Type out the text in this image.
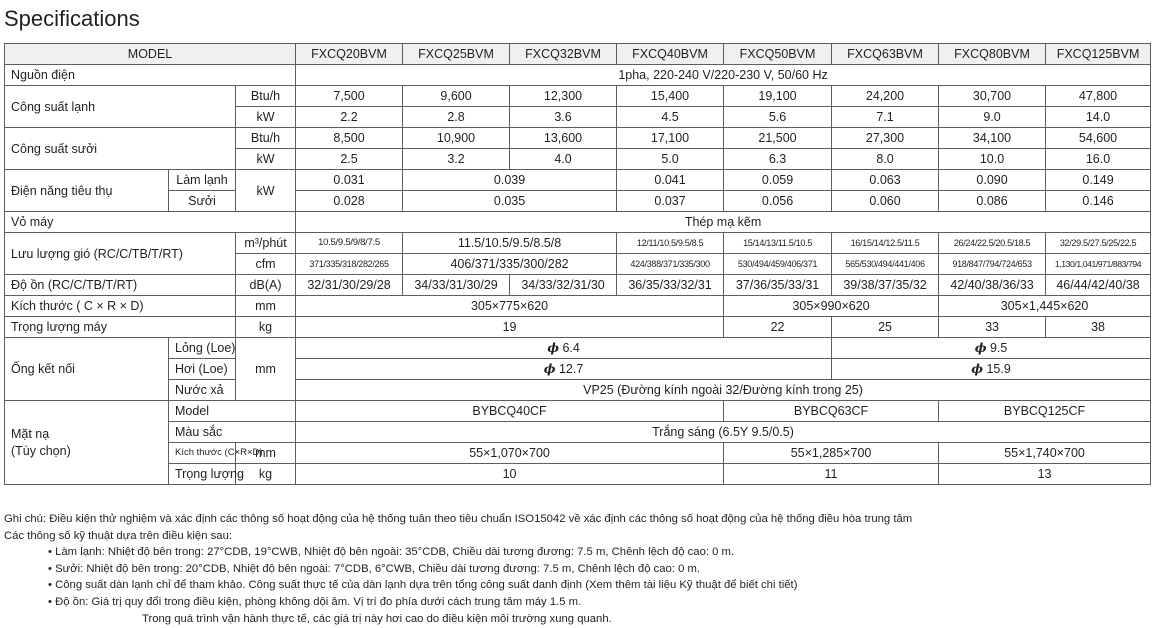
Specifications
MODEL			FXCQ20BVM	FXCQ25BVM	FXCQ32BVM	FXCQ40BVM	FXCQ50BVM	FXCQ63BVM	FXCQ80BVM	FXCQ125BVM
Nguồn điện			1pha, 220-240 V/220-230 V, 50/60 Hz							
Công suất lạnh		Btu/h	7,500	9,600	12,300	15,400	19,100	24,200	30,700	47,800
		kW	2.2	2.8	3.6	4.5	5.6	7.1	9.0	14.0
Công suất sưởi		Btu/h	8,500	10,900	13,600	17,100	21,500	27,300	34,100	54,600
		kW	2.5	3.2	4.0	5.0	6.3	8.0	10.0	16.0
Điện năng tiêu thụ	Làm lạnh	kW	0.031	0.039		0.041	0.059	0.063	0.090	0.149
	Sưởi		0.028	0.035		0.037	0.056	0.060	0.086	0.146
Vỏ máy			Thép mạ kẽm							
Lưu lượng gió (RC/C/TB/T/RT)		m³/phút	10.5/9.5/9/8/7.5	11.5/10.5/9.5/8.5/8		12/11/10.5/9.5/8.5	15/14/13/11.5/10.5	16/15/14/12.5/11.5	26/24/22.5/20.5/18.5	32/29.5/27.5/25/22.5
		cfm	371/335/318/282/265	406/371/335/300/282		424/388/371/335/300	530/494/459/406/371	565/530/494/441/406	918/847/794/724/653	1,130/1,041/971/883/794
Độ ồn (RC/C/TB/T/RT)		dB(A)	32/31/30/29/28	34/33/31/30/29	34/33/32/31/30	36/35/33/32/31	37/36/35/33/31	39/38/37/35/32	42/40/38/36/33	46/44/42/40/38
Kích thước ( C × R × D)		mm	305×775×620				305×990×620		305×1,445×620	
Trọng lượng máy		kg	19				22	25	33	38
Ống kết nối	Lỏng (Loe)	mm	ϕ 6.4					ϕ 9.5		
	Hơi (Loe)		ϕ 12.7					ϕ 15.9		
	Nước xả		VP25 (Đường kính ngoài 32/Đường kính trong 25)							
Mặt nạ
(Tùy chọn)	Model		BYBCQ40CF				BYBCQ63CF		BYBCQ125CF	
	Màu sắc		Trắng sáng (6.5Y 9.5/0.5)							
	Kích thước (C×R×D)	mm	55×1,070×700				55×1,285×700		55×1,740×700	
	Trọng lượng	kg	10				11		13	

Ghi chú: Điều kiện thử nghiệm và xác định các thông số hoạt động của hệ thống tuân theo tiêu chuẩn ISO15042 về xác định các thông số hoạt động của hệ thống điều hòa trung tâm

Các thông số kỹ thuật dựa trên điều kiện sau:

• Làm lạnh: Nhiệt độ bên trong: 27°CDB, 19°CWB, Nhiệt độ bên ngoài: 35°CDB, Chiều dài tương đương: 7.5 m, Chênh lệch độ cao: 0 m.

• Sưởi: Nhiệt độ bên trong: 20°CDB, Nhiệt độ bên ngoài: 7°CDB, 6°CWB, Chiều dài tương đương: 7.5 m, Chênh lệch độ cao: 0 m.

• Công suất dàn lạnh chỉ để tham khảo. Công suất thực tế của dàn lạnh dựa trên tổng công suất danh định (Xem thêm tài liệu Kỹ thuật để biết chi tiết)

• Độ ồn: Giá trị quy đổi trong điều kiện, phòng không dội âm. Vị trí đo phía dưới cách trung tâm máy 1.5 m.

Trong quá trình vận hành thực tế, các giá trị này hơi cao do điều kiện môi trường xung quanh.
